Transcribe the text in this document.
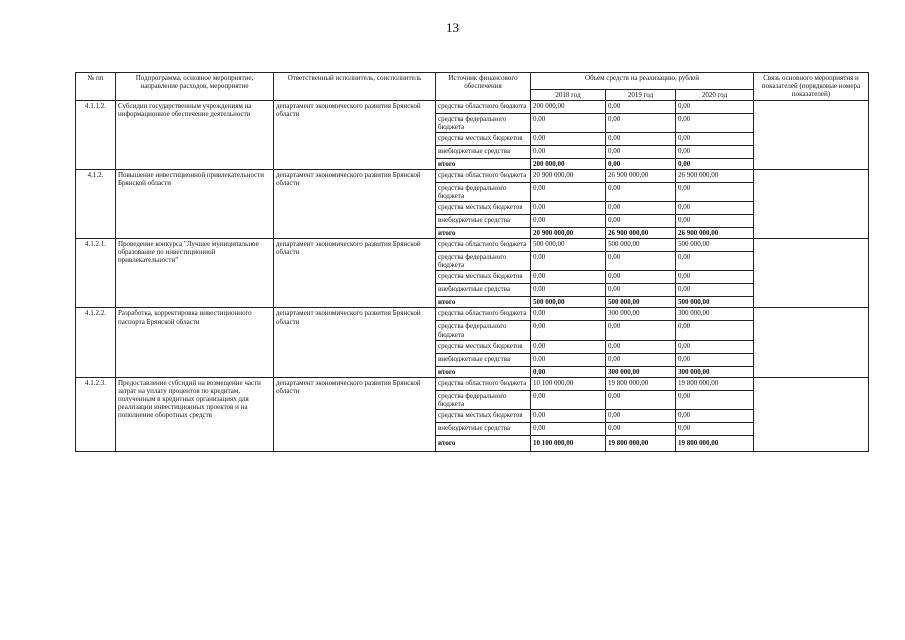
13
№ пп	Подпрограмма, основное мероприятие, направление расходов, мероприятие	Ответственный исполнитель, соисполнитель	Источник финансового обеспечения	Объем средств на реализацию, рублей			Связь основного мероприятия и показателей (порядковые номера показателей)
				2018 год	2019 год	2020 год	
4.1.1.2.	Субсидии государственным учреждениям на информационное обеспечение деятельности	департамент экономического развития Брянской области	средства областного бюджета	200 000,00	0,00	0,00	
			средства федерального бюджета	0,00	0,00	0,00	
			средства местных бюджетов	0,00	0,00	0,00	
			внебюджетные средства	0,00	0,00	0,00	
			итого	200 000,00	0,00	0,00	
4.1.2.	Повышение инвестиционной привлекательности Брянской области	департамент экономического развития Брянской области	средства областного бюджета	20 900 000,00	26 900 000,00	26 900 000,00	
			средства федерального бюджета	0,00	0,00	0,00	
			средства местных бюджетов	0,00	0,00	0,00	
			внебюджетные средства	0,00	0,00	0,00	
			итого	20 900 000,00	26 900 000,00	26 900 000,00	
4.1.2.1.	Проведение конкурса "Лучшее муниципальное образование по инвестиционной привлекательности"	департамент экономического развития Брянской области	средства областного бюджета	500 000,00	500 000,00	500 000,00	
			средства федерального бюджета	0,00	0,00	0,00	
			средства местных бюджетов	0,00	0,00	0,00	
			внебюджетные средства	0,00	0,00	0,00	
			итого	500 000,00	500 000,00	500 000,00	
4.1.2.2.	Разработка, корректировка инвестиционного паспорта Брянской области	департамент экономического развития Брянской области	средства областного бюджета	0,00	300 000,00	300 000,00	
			средства федерального бюджета	0,00	0,00	0,00	
			средства местных бюджетов	0,00	0,00	0,00	
			внебюджетные средства	0,00	0,00	0,00	
			итого	0,00	300 000,00	300 000,00	
4.1.2.3.	Предоставление субсидий на возмещение части затрат на уплату процентов по кредитам, полученным в кредитных организациях для реализации инвестиционных проектов и на пополнение оборотных средств	департамент экономического развития Брянской области	средства областного бюджета	10 100 000,00	19 800 000,00	19 800 000,00	
			средства федерального бюджета	0,00	0,00	0,00	
			средства местных бюджетов	0,00	0,00	0,00	
			внебюджетные средства	0,00	0,00	0,00	
			итого	10 100 000,00	19 800 000,00	19 800 000,00	
